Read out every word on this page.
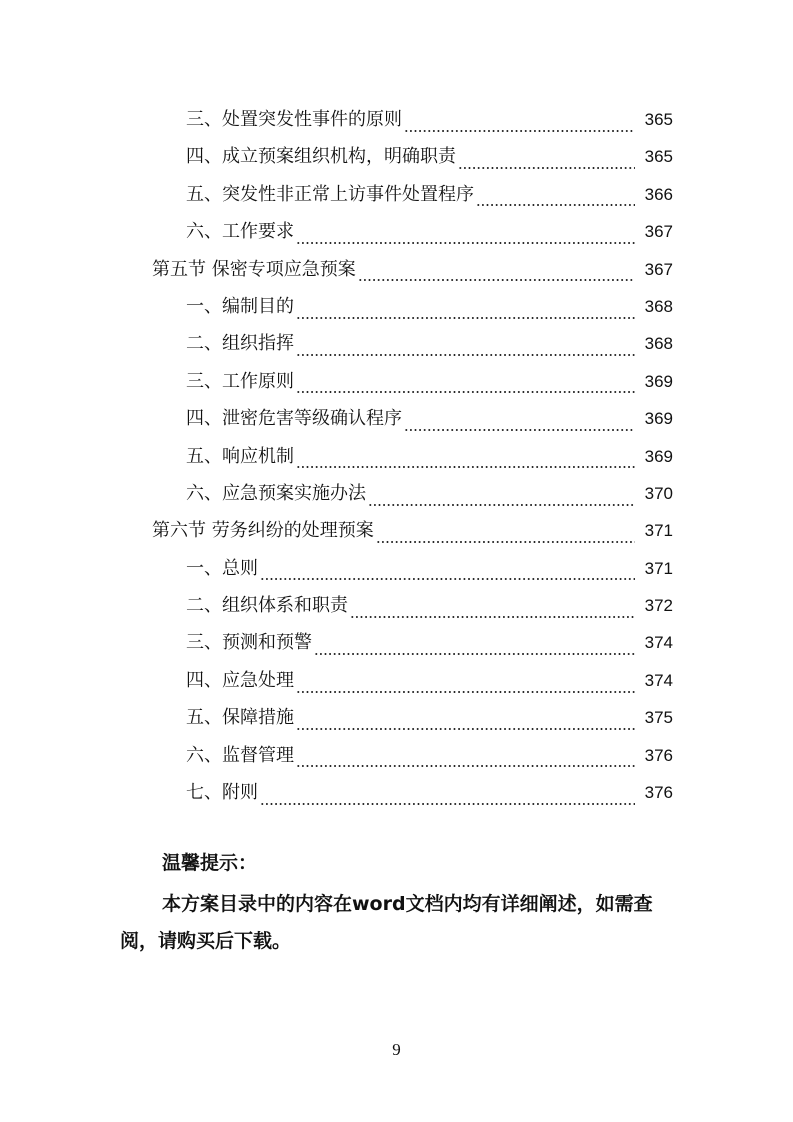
三、处置突发性事件的原则	365
四、成立预案组织机构，明确职责	365
五、突发性非正常上访事件处置程序	366
六、工作要求	367
第五节 保密专项应急预案	367
一、编制目的	368
二、组织指挥	368
三、工作原则	369
四、泄密危害等级确认程序	369
五、响应机制	369
六、应急预案实施办法	370
第六节 劳务纠纷的处理预案	371
一、总则	371
二、组织体系和职责	372
三、预测和预警	374
四、应急处理	374
五、保障措施	375
六、监督管理	376
七、附则	376
温馨提示：
本方案目录中的内容在word文档内均有详细阐述，如需查阅，请购买后下载。
9
